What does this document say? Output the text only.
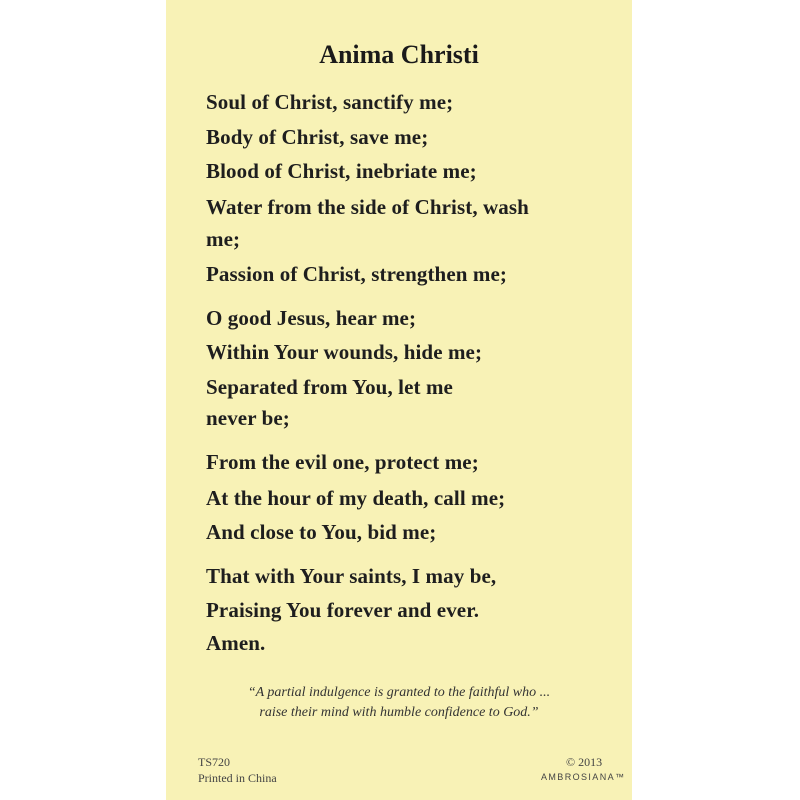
Anima Christi
Soul of Christ, sanctify me;
Body of Christ, save me;
Blood of Christ, inebriate me;
Water from the side of Christ, wash
me;
Passion of Christ, strengthen me;
O good Jesus, hear me;
Within Your wounds, hide me;
Separated from You, let me
never be;
From the evil one, protect me;
At the hour of my death, call me;
And close to You, bid me;
That with Your saints, I may be,
Praising You forever and ever.
Amen.
“A partial indulgence is granted to the faithful who ...
raise their mind with humble confidence to God.”
TS720
Printed in China
© 2013
AMBROSIANA™
